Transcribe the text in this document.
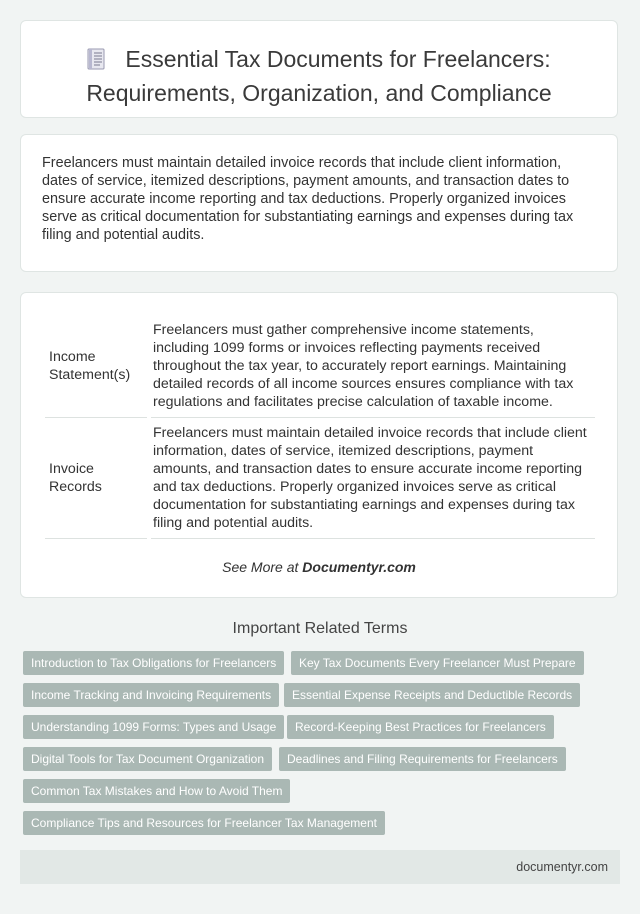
Essential Tax Documents for Freelancers: Requirements, Organization, and Compliance

Freelancers must maintain detailed invoice records that include client information, dates of service, itemized descriptions, payment amounts, and transaction dates to ensure accurate income reporting and tax deductions. Properly organized invoices serve as critical documentation for substantiating earnings and expenses during tax filing and potential audits.

Income Statement(s)	Freelancers must gather comprehensive income statements, including 1099 forms or invoices reflecting payments received throughout the tax year, to accurately report earnings. Maintaining detailed records of all income sources ensures compliance with tax regulations and facilitates precise calculation of taxable income.
Invoice Records	Freelancers must maintain detailed invoice records that include client information, dates of service, itemized descriptions, payment amounts, and transaction dates to ensure accurate income reporting and tax deductions. Properly organized invoices serve as critical documentation for substantiating earnings and expenses during tax filing and potential audits.
See More at Documentyr.com
Important Related Terms
Introduction to Tax Obligations for Freelancers	Key Tax Documents Every Freelancer Must Prepare
Income Tracking and Invoicing Requirements	Essential Expense Receipts and Deductible Records
Understanding 1099 Forms: Types and Usage	Record-Keeping Best Practices for Freelancers
Digital Tools for Tax Document Organization	Deadlines and Filing Requirements for Freelancers
Common Tax Mistakes and How to Avoid Them
Compliance Tips and Resources for Freelancer Tax Management
documentyr.com
